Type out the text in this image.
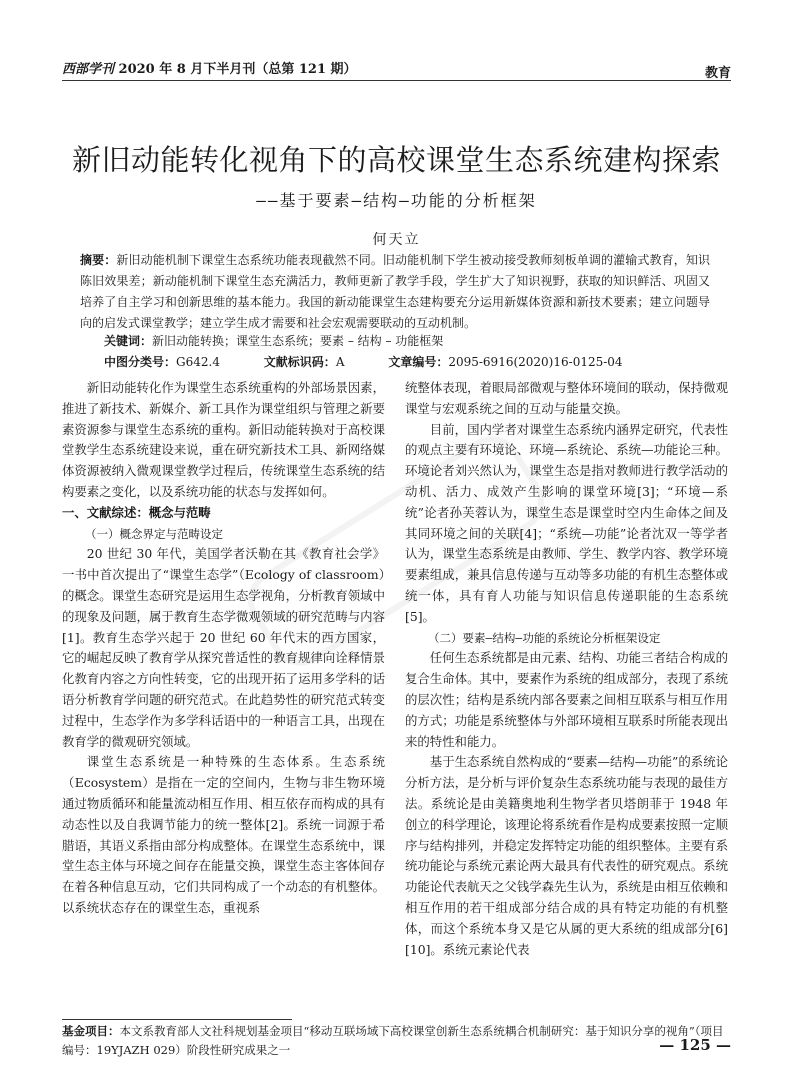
西部学刊 2020 年 8 月下半月刊（总第 121 期）	教育
新旧动能转化视角下的高校课堂生态系统建构探索
——基于要素—结构—功能的分析框架
何天立
摘要：新旧动能机制下课堂生态系统功能表现截然不同。旧动能机制下学生被动接受教师刻板单调的灌输式教育，知识陈旧效果差；新动能机制下课堂生态充满活力，教师更新了教学手段，学生扩大了知识视野，获取的知识鲜活、巩固又培养了自主学习和创新思维的基本能力。我国的新动能课堂生态建构要充分运用新媒体资源和新技术要素；建立问题导向的启发式课堂教学；建立学生成才需要和社会宏观需要联动的互动机制。
关键词：新旧动能转换；课堂生态系统；要素 – 结构 – 功能框架
中图分类号：G642.4	文献标识码：A	文章编号：2095-6916(2020)16-0125-04

新旧动能转化作为课堂生态系统重构的外部场景因素，推进了新技术、新媒介、新工具作为课堂组织与管理之新要素资源参与课堂生态系统的重构。新旧动能转换对于高校课堂教学生态系统建设来说，重在研究新技术工具、新网络媒体资源被纳入微观课堂教学过程后，传统课堂生态系统的结构要素之变化，以及系统功能的状态与发挥如何。

一、文献综述：概念与范畴

（一）概念界定与范畴设定

20 世纪 30 年代，美国学者沃勒在其《教育社会学》一书中首次提出了“课堂生态学”（Ecology of classroom）的概念。课堂生态研究是运用生态学视角，分析教育领域中的现象及问题，属于教育生态学微观领域的研究范畴与内容[1]。教育生态学兴起于 20 世纪 60 年代末的西方国家，它的崛起反映了教育学从探究普适性的教育规律向诠释情景化教育内容之方向性转变，它的出现开拓了运用多学科的话语分析教育学问题的研究范式。在此趋势性的研究范式转变过程中，生态学作为多学科话语中的一种语言工具，出现在教育学的微观研究领域。

课堂生态系统是一种特殊的生态体系。生态系统（Ecosystem）是指在一定的空间内，生物与非生物环境通过物质循环和能量流动相互作用、相互依存而构成的具有动态性以及自我调节能力的统一整体[2]。系统一词源于希腊语，其语义系指由部分构成整体。在课堂生态系统中，课堂生态主体与环境之间存在能量交换，课堂生态主客体间存在着各种信息互动，它们共同构成了一个动态的有机整体。以系统状态存在的课堂生态，重视系

统整体表现，着眼局部微观与整体环境间的联动，保持微观课堂与宏观系统之间的互动与能量交换。

目前，国内学者对课堂生态系统内涵界定研究，代表性的观点主要有环境论、环境—系统论、系统—功能论三种。环境论者刘兴然认为，课堂生态是指对教师进行教学活动的动机、活力、成效产生影响的课堂环境[3]；“环境—系统”论者孙芙蓉认为，课堂生态是课堂时空内生命体之间及其同环境之间的关联[4]；“系统—功能”论者沈双一等学者认为，课堂生态系统是由教师、学生、教学内容、教学环境要素组成，兼具信息传递与互动等多功能的有机生态整体或统一体，具有育人功能与知识信息传递职能的生态系统[5]。

（二）要素—结构—功能的系统论分析框架设定

任何生态系统都是由元素、结构、功能三者结合构成的复合生命体。其中，要素作为系统的组成部分，表现了系统的层次性；结构是系统内部各要素之间相互联系与相互作用的方式；功能是系统整体与外部环境相互联系时所能表现出来的特性和能力。

基于生态系统自然构成的“要素—结构—功能”的系统论分析方法，是分析与评价复杂生态系统功能与表现的最佳方法。系统论是由美籍奥地利生物学者贝塔朗菲于 1948 年创立的科学理论，该理论将系统看作是构成要素按照一定顺序与结构排列，并稳定发挥特定功能的组织整体。主要有系统功能论与系统元素论两大最具有代表性的研究观点。系统功能论代表航天之父钱学森先生认为，系统是由相互依赖和相互作用的若干组成部分结合成的具有特定功能的有机整体，而这个系统本身又是它从属的更大系统的组成部分[6][10]。系统元素论代表

基金项目：本文系教育部人文社科规划基金项目“移动互联场域下高校课堂创新生态系统耦合机制研究：基于知识分享的视角”（项目编号：19YJAZH 029）阶段性研究成果之一	— 125 —
